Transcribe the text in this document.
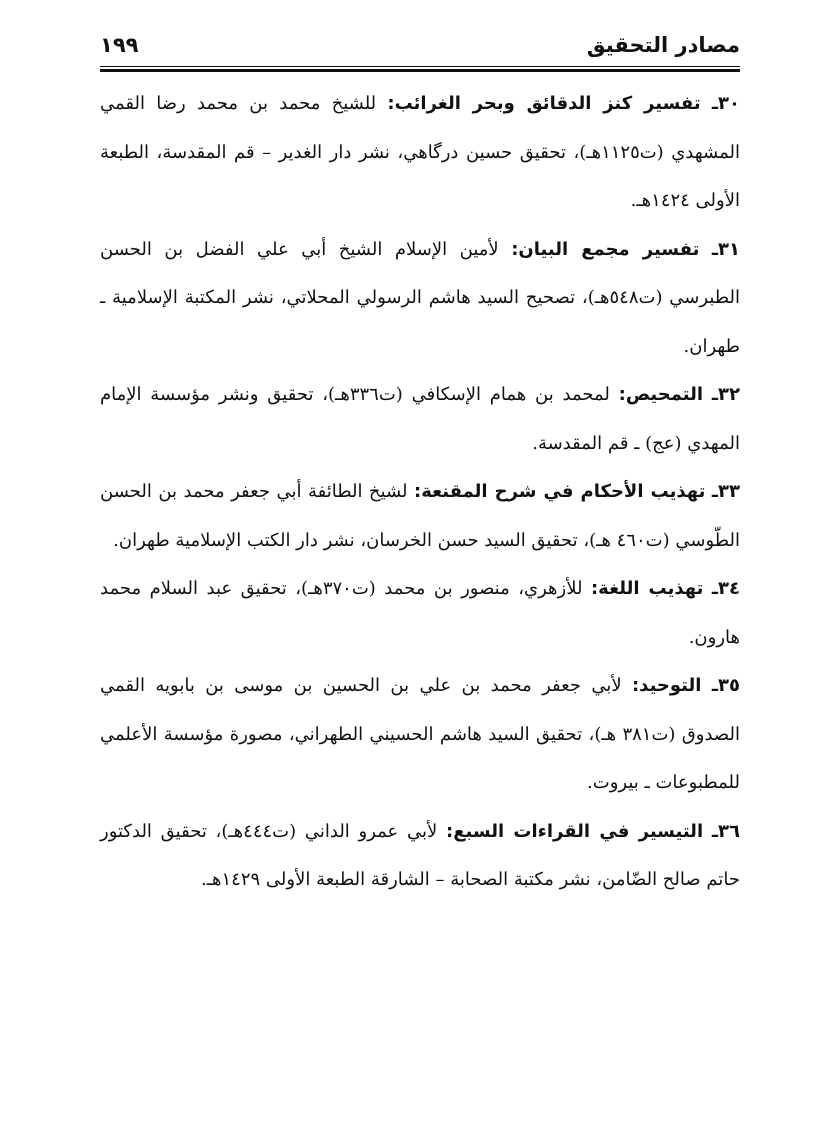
مصادر التحقيق
١٩٩

٣٠ـ تفسير كنز الدقائق وبحر الغرائب: للشيخ محمد بن محمد رضا القمي المشهدي (ت١١٢٥هـ)، تحقيق حسين درگاهي، نشر دار الغدير – قم المقدسة، الطبعة الأولى ١٤٢٤هـ.

٣١ـ تفسير مجمع البيان: لأمين الإسلام الشيخ أبي علي الفضل بن الحسن الطبرسي (ت٥٤٨هـ)، تصحيح السيد هاشم الرسولي المحلاتي، نشر المكتبة الإسلامية ـ طهران.

٣٢ـ التمحيص: لمحمد بن همام الإسكافي (ت٣٣٦هـ)، تحقيق ونشر مؤسسة الإمام المهدي (عج) ـ قم المقدسة.

٣٣ـ تهذيب الأحكام في شرح المقنعة: لشيخ الطائفة أبي جعفر محمد بن الحسن الطّوسي (ت٤٦٠ هـ)، تحقيق السيد حسن الخرسان، نشر دار الكتب الإسلامية طهران.

٣٤ـ تهذيب اللغة: للأزهري، منصور بن محمد (ت٣٧٠هـ)، تحقيق عبد السلام محمد هارون.

٣٥ـ التوحيد: لأبي جعفر محمد بن علي بن الحسين بن موسى بن بابويه القمي الصدوق (ت٣٨١ هـ)، تحقيق السيد هاشم الحسيني الطهراني، مصورة مؤسسة الأعلمي للمطبوعات ـ بيروت.

٣٦ـ التيسير في القراءات السبع: لأبي عمرو الداني (ت٤٤٤هـ)، تحقيق الدكتور حاتم صالح الضّامن، نشر مكتبة الصحابة – الشارقة الطبعة الأولى ١٤٢٩هـ.
